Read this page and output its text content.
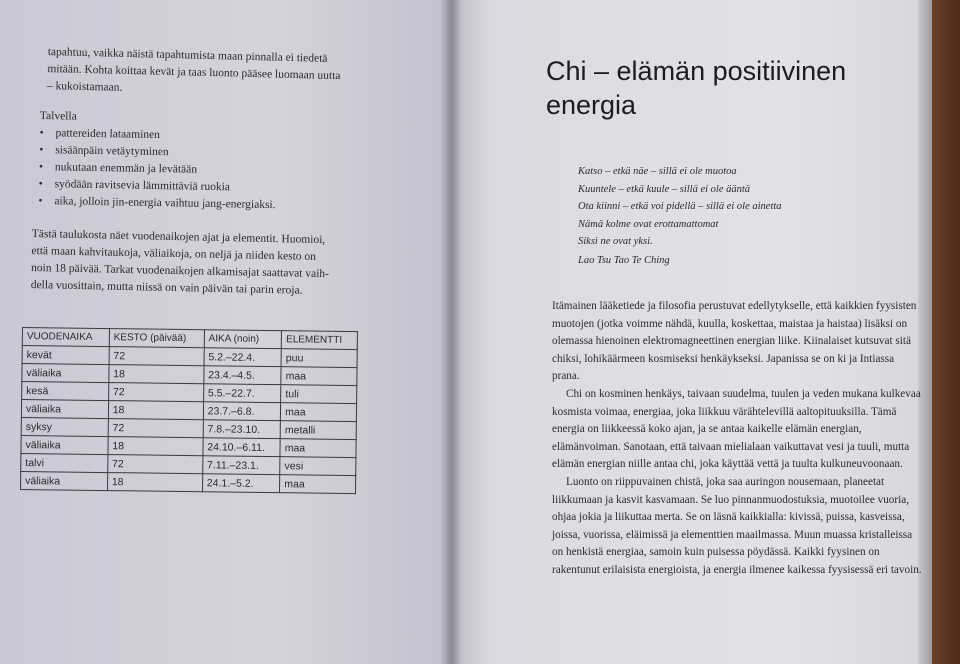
tapahtuu, vaikka näistä tapahtumista maan pinnalla ei tiedetä

mitään. Kohta koittaa kevät ja taas luonto pääsee luomaan uutta

– kukoistamaan.

Talvella
• pattereiden lataaminen
• sisäänpäin vetäytyminen
• nukutaan enemmän ja levätään
• syödään ravitsevia lämmittäviä ruokia
• aika, jolloin jin-energia vaihtuu jang-energiaksi.

Tästä taulukosta näet vuodenaikojen ajat ja elementit. Huomioi,

että maan kahvitaukoja, väliaikoja, on neljä ja niiden kesto on

noin 18 päivää. Tarkat vuodenaikojen alkamisajat saattavat vaih-

della vuosittain, mutta niissä on vain päivän tai parin eroja.

VUODENAIKA	KESTO (päivää)	AIKA (noin)	ELEMENTTI
kevät	72	5.2.–22.4.	puu
väliaika	18	23.4.–4.5.	maa
kesä	72	5.5.–22.7.	tuli
väliaika	18	23.7.–6.8.	maa
syksy	72	7.8.–23.10.	metalli
väliaika	18	24.10.–6.11.	maa
talvi	72	7.11.–23.1.	vesi
väliaika	18	24.1.–5.2.	maa
Chi – elämän positiivinen
energia
Katso – etkä näe – sillä ei ole muotoa
Kuuntele – etkä kuule – sillä ei ole ääntä
Ota kiinni – etkä voi pidellä – sillä ei ole ainetta
Nämä kolme ovat erottamattomat
Siksi ne ovat yksi.
Lao Tsu Tao Te Ching

Itämainen lääketiede ja filosofia perustuvat edellytykselle, että kaikkien fyysisten muotojen (jotka voimme nähdä, kuulla, koskettaa, maistaa ja haistaa) lisäksi on olemassa hienoinen elektromagneettinen energian liike. Kiinalaiset kutsuvat sitä chiksi, lohikäärmeen kosmiseksi henkäykseksi. Japanissa se on ki ja Intiassa prana.

Chi on kosminen henkäys, taivaan suudelma, tuulen ja veden mukana kulkevaa kosmista voimaa, energiaa, joka liikkuu värähtelevillä aaltopituuksilla. Tämä energia on liikkeessä koko ajan, ja se antaa kaikelle elämän energian, elämänvoiman. Sanotaan, että taivaan mielialaan vaikuttavat vesi ja tuuli, mutta elämän energian niille antaa chi, joka käyttää vettä ja tuulta kulkuneuvoonaan.

Luonto on riippuvainen chistä, joka saa auringon nousemaan, planeetat liikkumaan ja kasvit kasvamaan. Se luo pinnanmuodostuksia, muotoilee vuoria, ohjaa jokia ja liikuttaa merta. Se on läsnä kaikkialla: kivissä, puissa, kasveissa, joissa, vuorissa, eläimissä ja elementtien maailmassa. Muun muassa kristalleissa on henkistä energiaa, samoin kuin puisessa pöydässä. Kaikki fyysinen on rakentunut erilaisista energioista, ja energia ilmenee kaikessa fyysisessä eri tavoin.
